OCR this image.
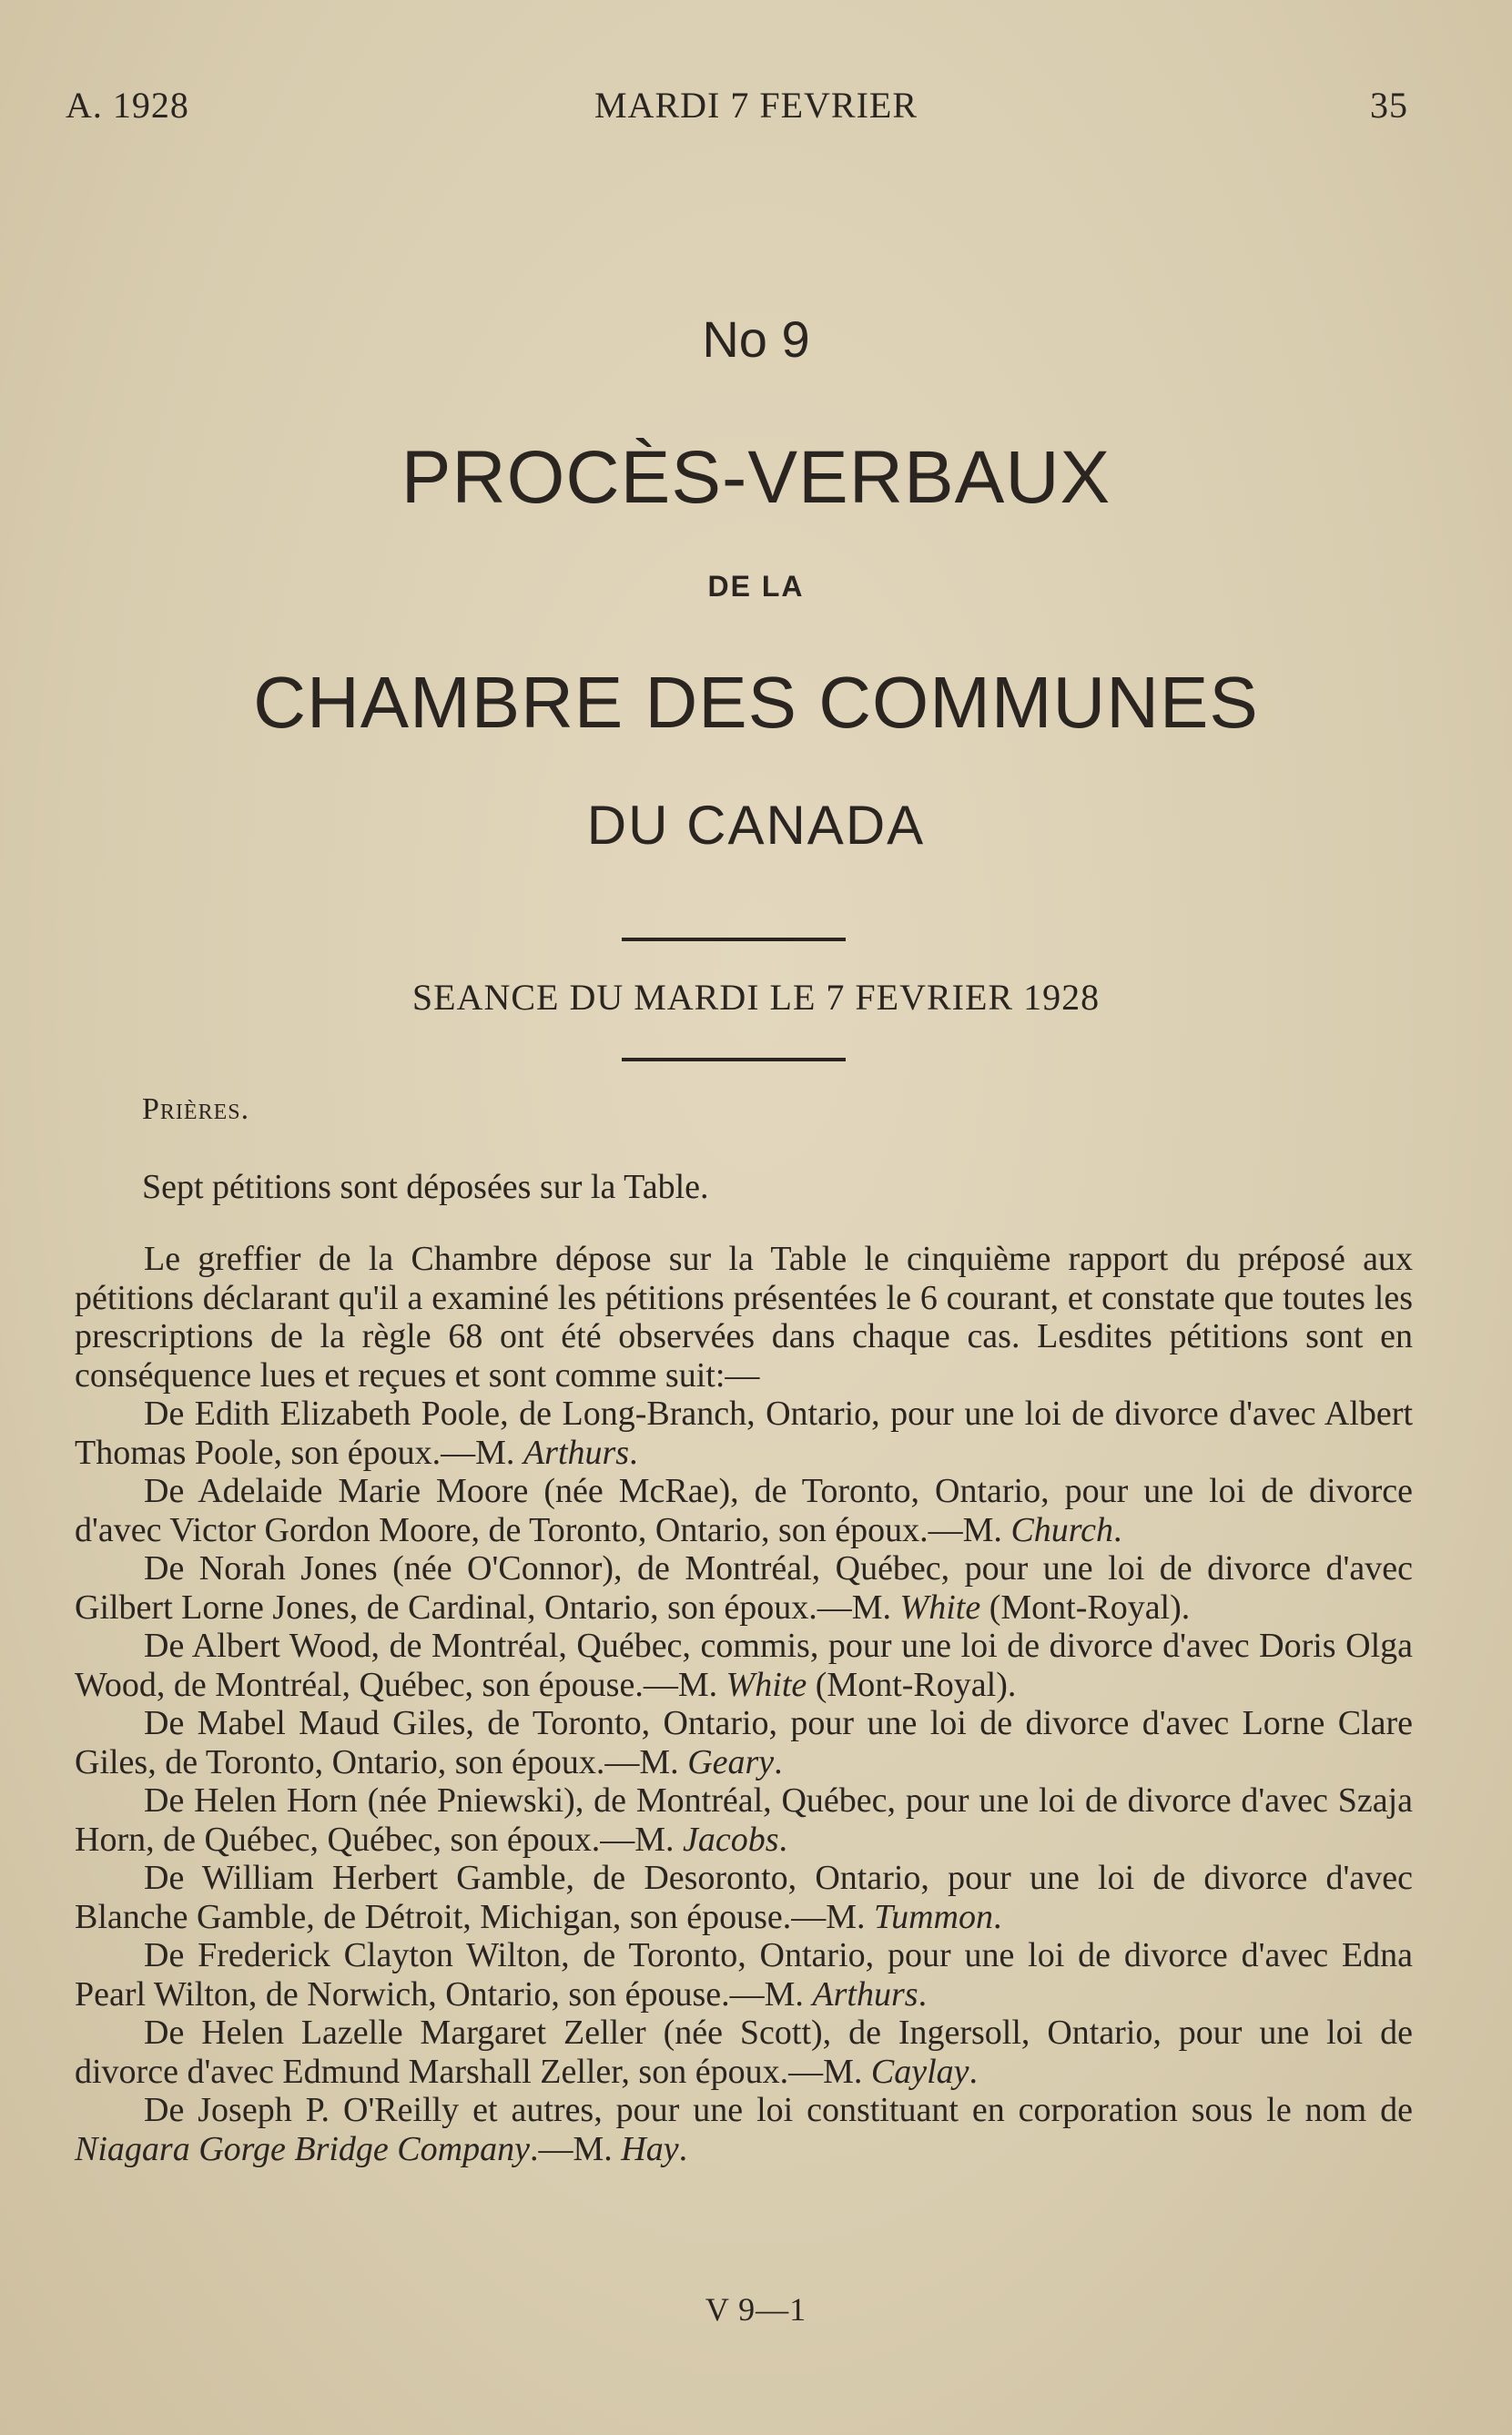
A. 1928	MARDI 7 FEVRIER	35
No 9
PROCÈS-VERBAUX
DE LA
CHAMBRE DES COMMUNES
DU CANADA
SEANCE DU MARDI LE 7 FEVRIER 1928
Prières.
Sept pétitions sont déposées sur la Table.

Le greffier de la Chambre dépose sur la Table le cinquième rapport du préposé aux pétitions déclarant qu'il a examiné les pétitions présentées le 6 courant, et constate que toutes les prescriptions de la règle 68 ont été observées dans chaque cas. Lesdites pétitions sont en conséquence lues et reçues et sont comme suit:—

De Edith Elizabeth Poole, de Long-Branch, Ontario, pour une loi de divorce d'avec Albert Thomas Poole, son époux.—M. Arthurs.

De Adelaide Marie Moore (née McRae), de Toronto, Ontario, pour une loi de divorce d'avec Victor Gordon Moore, de Toronto, Ontario, son époux.—M. Church.

De Norah Jones (née O'Connor), de Montréal, Québec, pour une loi de divorce d'avec Gilbert Lorne Jones, de Cardinal, Ontario, son époux.—M. White (Mont-Royal).

De Albert Wood, de Montréal, Québec, commis, pour une loi de divorce d'avec Doris Olga Wood, de Montréal, Québec, son épouse.—M. White (Mont-Royal).

De Mabel Maud Giles, de Toronto, Ontario, pour une loi de divorce d'avec Lorne Clare Giles, de Toronto, Ontario, son époux.—M. Geary.

De Helen Horn (née Pniewski), de Montréal, Québec, pour une loi de divorce d'avec Szaja Horn, de Québec, Québec, son époux.—M. Jacobs.

De William Herbert Gamble, de Desoronto, Ontario, pour une loi de divorce d'avec Blanche Gamble, de Détroit, Michigan, son épouse.—M. Tummon.

De Frederick Clayton Wilton, de Toronto, Ontario, pour une loi de divorce d'avec Edna Pearl Wilton, de Norwich, Ontario, son épouse.—M. Arthurs.

De Helen Lazelle Margaret Zeller (née Scott), de Ingersoll, Ontario, pour une loi de divorce d'avec Edmund Marshall Zeller, son époux.—M. Caylay.

De Joseph P. O'Reilly et autres, pour une loi constituant en corporation sous le nom de Niagara Gorge Bridge Company.—M. Hay.

V 9—1
